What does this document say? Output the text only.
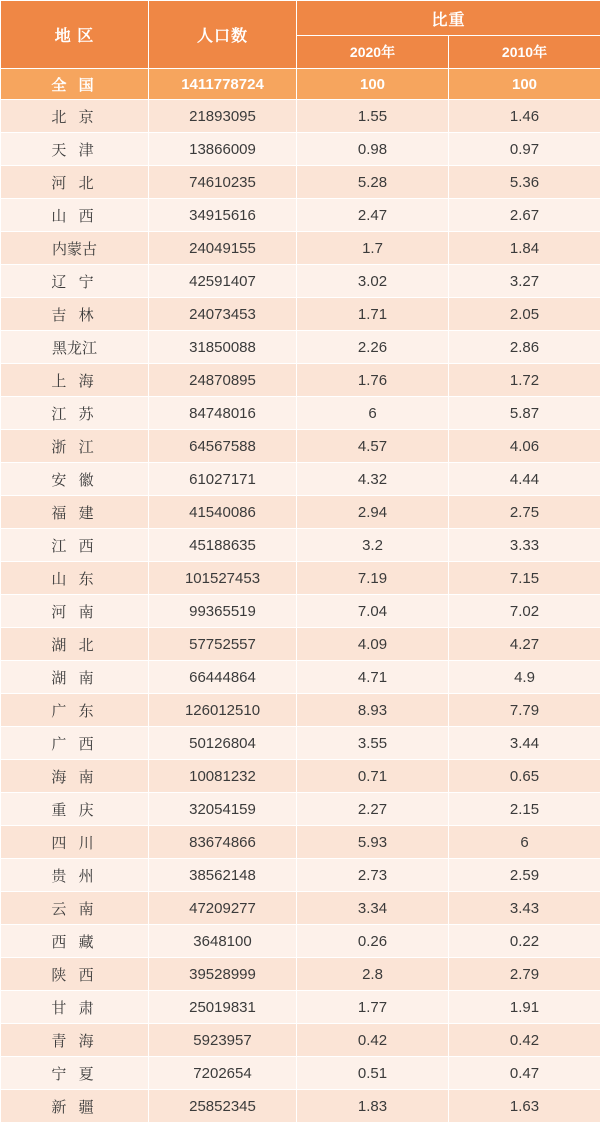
地 区	人口数	比重	
		2020年	2010年
全 国	1411778724	100	100
北 京	21893095	1.55	1.46
天 津	13866009	0.98	0.97
河 北	74610235	5.28	5.36
山 西	34915616	2.47	2.67
内蒙古	24049155	1.7	1.84
辽 宁	42591407	3.02	3.27
吉 林	24073453	1.71	2.05
黑龙江	31850088	2.26	2.86
上 海	24870895	1.76	1.72
江 苏	84748016	6	5.87
浙 江	64567588	4.57	4.06
安 徽	61027171	4.32	4.44
福 建	41540086	2.94	2.75
江 西	45188635	3.2	3.33
山 东	101527453	7.19	7.15
河 南	99365519	7.04	7.02
湖 北	57752557	4.09	4.27
湖 南	66444864	4.71	4.9
广 东	126012510	8.93	7.79
广 西	50126804	3.55	3.44
海 南	10081232	0.71	0.65
重 庆	32054159	2.27	2.15
四 川	83674866	5.93	6
贵 州	38562148	2.73	2.59
云 南	47209277	3.34	3.43
西 藏	3648100	0.26	0.22
陕 西	39528999	2.8	2.79
甘 肃	25019831	1.77	1.91
青 海	5923957	0.42	0.42
宁 夏	7202654	0.51	0.47
新 疆	25852345	1.83	1.63
